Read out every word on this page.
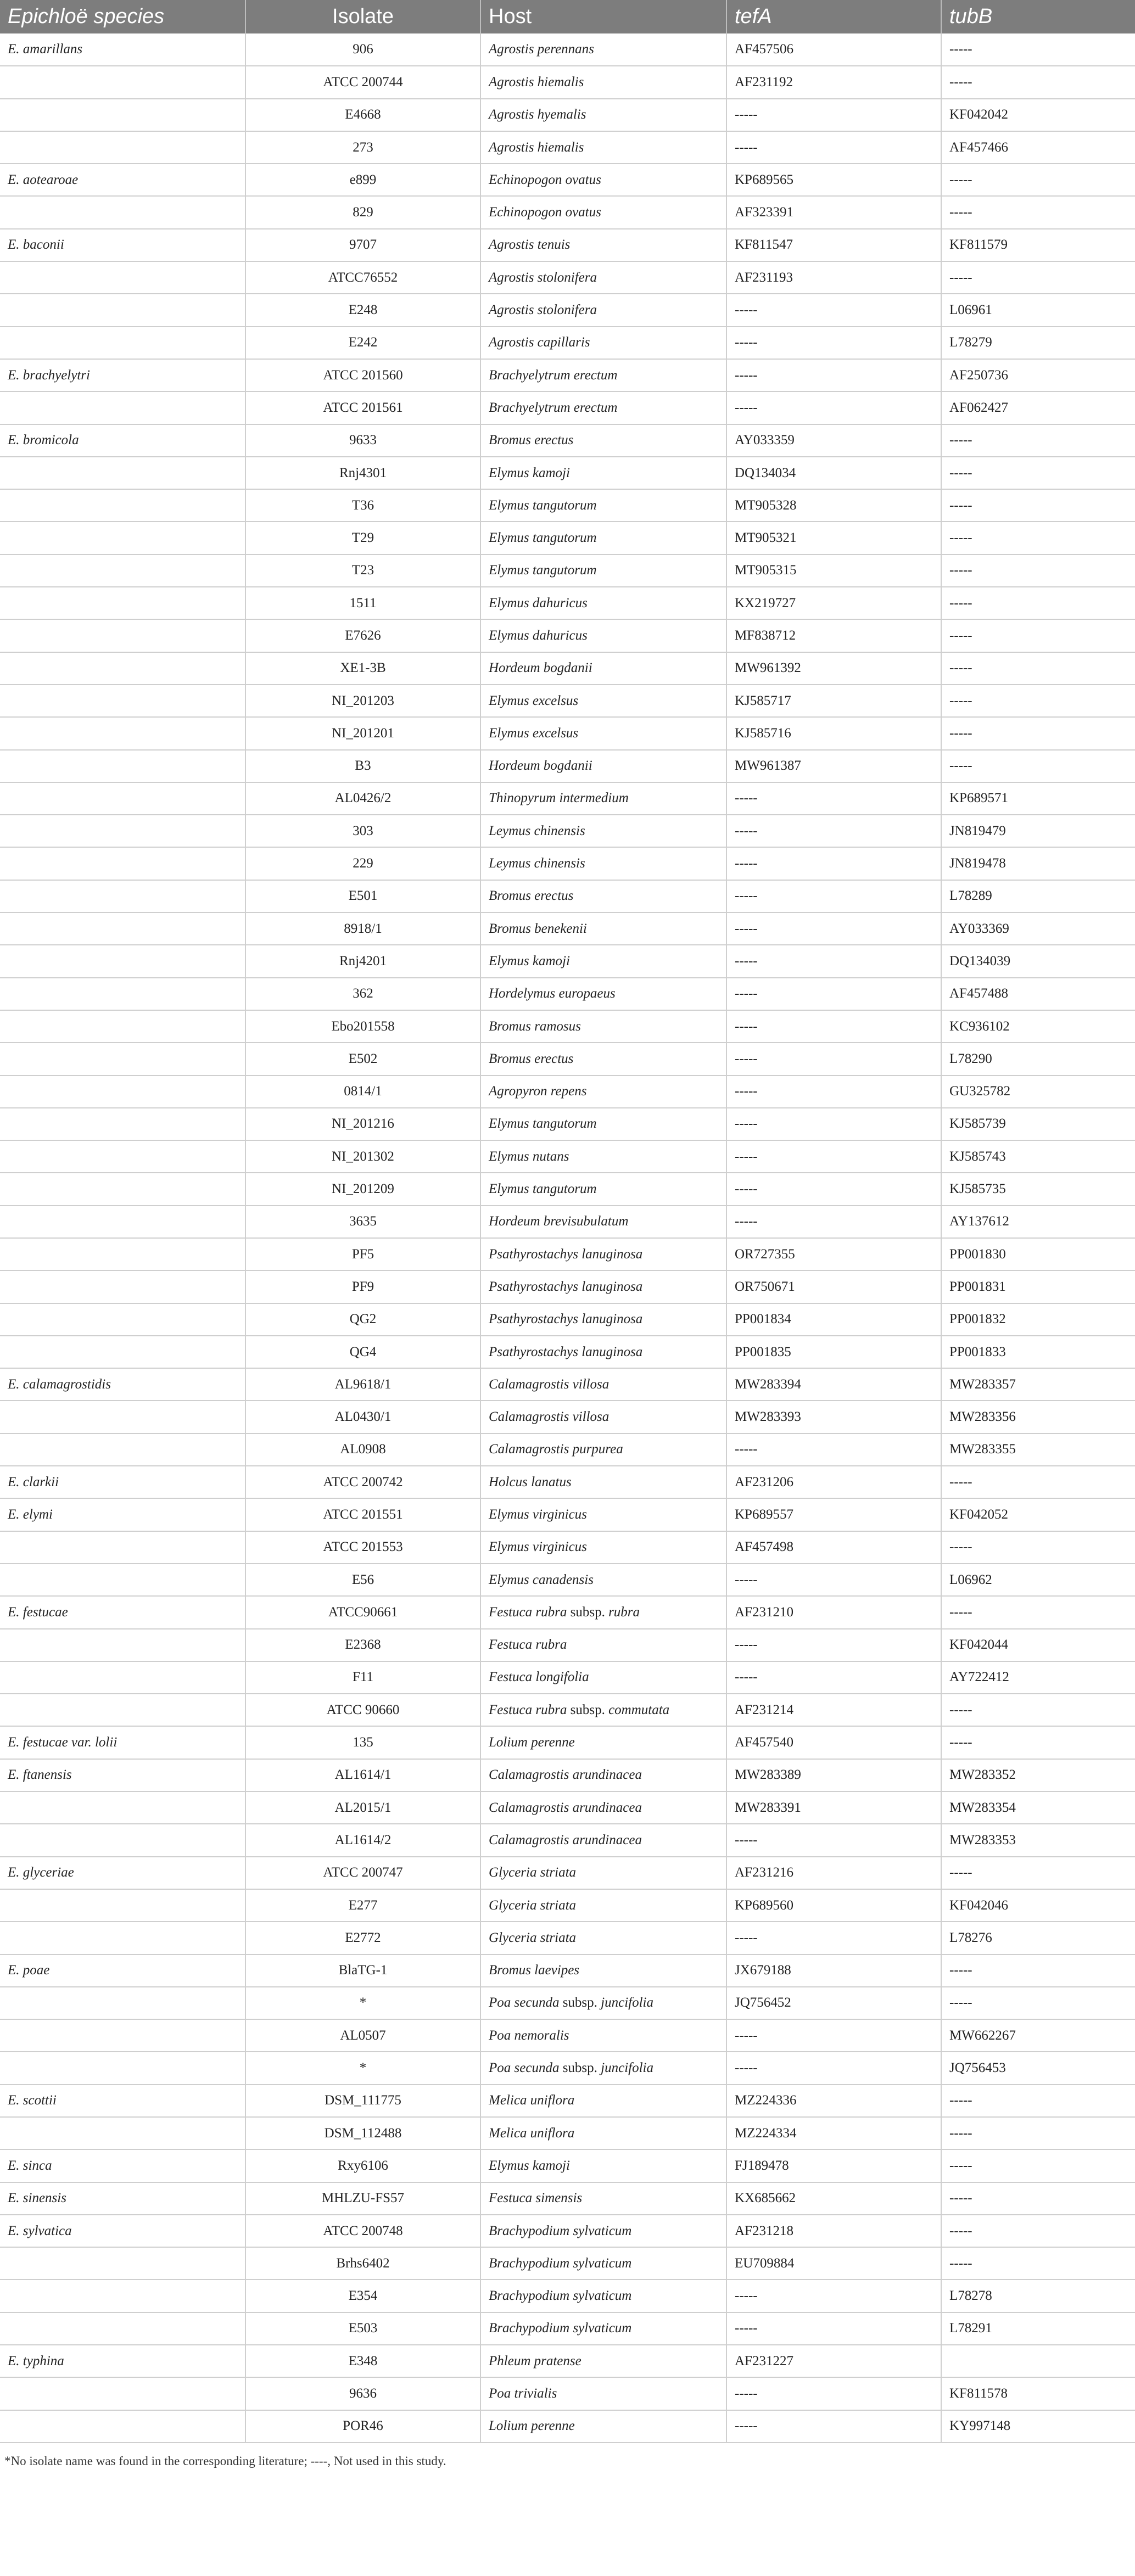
Epichloë species	Isolate	Host	tefA	tubB
E. amarillans	906	Agrostis perennans	AF457506	-----
	ATCC 200744	Agrostis hiemalis	AF231192	-----
	E4668	Agrostis hyemalis	-----	KF042042
	273	Agrostis hiemalis	-----	AF457466
E. aotearoae	e899	Echinopogon ovatus	KP689565	-----
	829	Echinopogon ovatus	AF323391	-----
E. baconii	9707	Agrostis tenuis	KF811547	KF811579
	ATCC76552	Agrostis stolonifera	AF231193	-----
	E248	Agrostis stolonifera	-----	L06961
	E242	Agrostis capillaris	-----	L78279
E. brachyelytri	ATCC 201560	Brachyelytrum erectum	-----	AF250736
	ATCC 201561	Brachyelytrum erectum	-----	AF062427
E. bromicola	9633	Bromus erectus	AY033359	-----
	Rnj4301	Elymus kamoji	DQ134034	-----
	T36	Elymus tangutorum	MT905328	-----
	T29	Elymus tangutorum	MT905321	-----
	T23	Elymus tangutorum	MT905315	-----
	1511	Elymus dahuricus	KX219727	-----
	E7626	Elymus dahuricus	MF838712	-----
	XE1-3B	Hordeum bogdanii	MW961392	-----
	NI_201203	Elymus excelsus	KJ585717	-----
	NI_201201	Elymus excelsus	KJ585716	-----
	B3	Hordeum bogdanii	MW961387	-----
	AL0426/2	Thinopyrum intermedium	-----	KP689571
	303	Leymus chinensis	-----	JN819479
	229	Leymus chinensis	-----	JN819478
	E501	Bromus erectus	-----	L78289
	8918/1	Bromus benekenii	-----	AY033369
	Rnj4201	Elymus kamoji	-----	DQ134039
	362	Hordelymus europaeus	-----	AF457488
	Ebo201558	Bromus ramosus	-----	KC936102
	E502	Bromus erectus	-----	L78290
	0814/1	Agropyron repens	-----	GU325782
	NI_201216	Elymus tangutorum	-----	KJ585739
	NI_201302	Elymus nutans	-----	KJ585743
	NI_201209	Elymus tangutorum	-----	KJ585735
	3635	Hordeum brevisubulatum	-----	AY137612
	PF5	Psathyrostachys lanuginosa	OR727355	PP001830
	PF9	Psathyrostachys lanuginosa	OR750671	PP001831
	QG2	Psathyrostachys lanuginosa	PP001834	PP001832
	QG4	Psathyrostachys lanuginosa	PP001835	PP001833
E. calamagrostidis	AL9618/1	Calamagrostis villosa	MW283394	MW283357
	AL0430/1	Calamagrostis villosa	MW283393	MW283356
	AL0908	Calamagrostis purpurea	-----	MW283355
E. clarkii	ATCC 200742	Holcus lanatus	AF231206	-----
E. elymi	ATCC 201551	Elymus virginicus	KP689557	KF042052
	ATCC 201553	Elymus virginicus	AF457498	-----
	E56	Elymus canadensis	-----	L06962
E. festucae	ATCC90661	Festuca rubra subsp. rubra	AF231210	-----
	E2368	Festuca rubra	-----	KF042044
	F11	Festuca longifolia	-----	AY722412
	ATCC 90660	Festuca rubra subsp. commutata	AF231214	-----
E. festucae var. lolii	135	Lolium perenne	AF457540	-----
E. ftanensis	AL1614/1	Calamagrostis arundinacea	MW283389	MW283352
	AL2015/1	Calamagrostis arundinacea	MW283391	MW283354
	AL1614/2	Calamagrostis arundinacea	-----	MW283353
E. glyceriae	ATCC 200747	Glyceria striata	AF231216	-----
	E277	Glyceria striata	KP689560	KF042046
	E2772	Glyceria striata	-----	L78276
E. poae	BlaTG-1	Bromus laevipes	JX679188	-----
	*	Poa secunda subsp. juncifolia	JQ756452	-----
	AL0507	Poa nemoralis	-----	MW662267
	*	Poa secunda subsp. juncifolia	-----	JQ756453
E. scottii	DSM_111775	Melica uniflora	MZ224336	-----
	DSM_112488	Melica uniflora	MZ224334	-----
E. sinca	Rxy6106	Elymus kamoji	FJ189478	-----
E. sinensis	MHLZU-FS57	Festuca simensis	KX685662	-----
E. sylvatica	ATCC 200748	Brachypodium sylvaticum	AF231218	-----
	Brhs6402	Brachypodium sylvaticum	EU709884	-----
	E354	Brachypodium sylvaticum	-----	L78278
	E503	Brachypodium sylvaticum	-----	L78291
E. typhina	E348	Phleum pratense	AF231227	
	9636	Poa trivialis	-----	KF811578
	POR46	Lolium perenne	-----	KY997148
*No isolate name was found in the corresponding literature; ----, Not used in this study.
